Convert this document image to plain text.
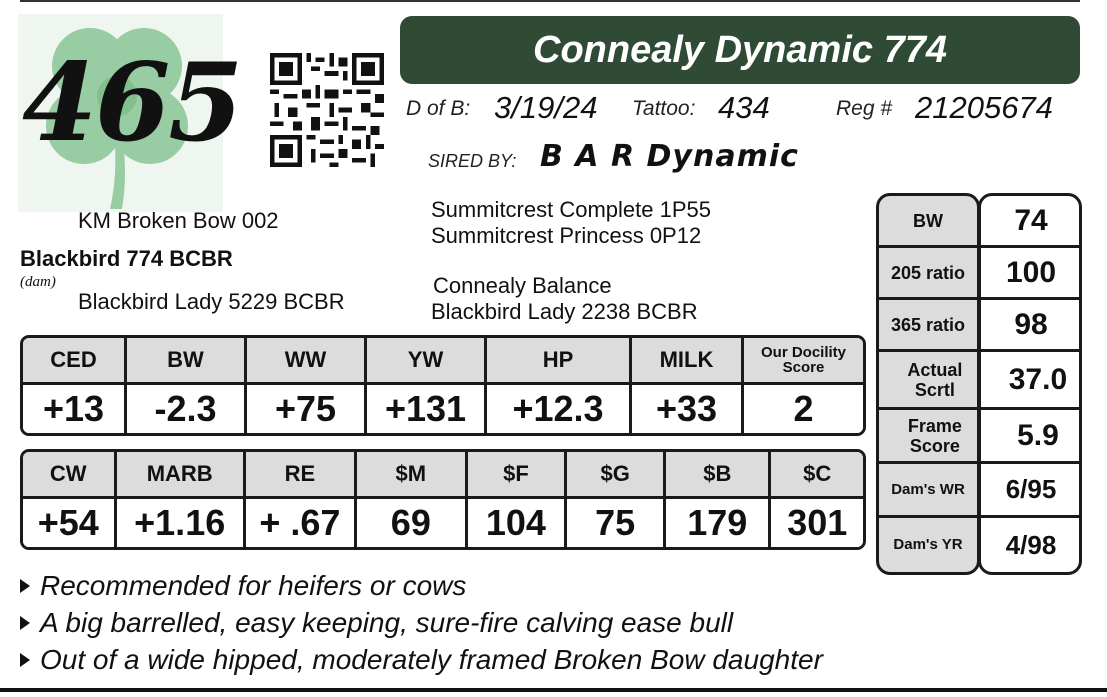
465	Connealy Dynamic 774
D of B: 3/19/24 Tattoo: 434	Reg # 21205674
SIRED BY: B A R Dynamic
KM Broken Bow 002
Blackbird 774 BCBR
(dam)
Blackbird Lady 5229 BCBR
Summitcrest Complete 1P55
Summitcrest Princess 0P12
Connealy Balance
Blackbird Lady 2238 BCBR
CED	BW	WW	YW	HP	MILK	Our Docility Score
+13	-2.3	+75	+131	+12.3	+33	2
CW	MARB	RE	$M	$F	$G	$B	$C
+54	+1.16	+ .67	69	104	75	179	301
BW	74
205 ratio	100
365 ratio	98
Actual Scrtl	37.0
Frame Score	5.9
Dam's WR	6/95
Dam's YR	4/98
Recommended for heifers or cows
A big barrelled, easy keeping, sure-fire calving ease bull
Out of a wide hipped, moderately framed Broken Bow daughter
